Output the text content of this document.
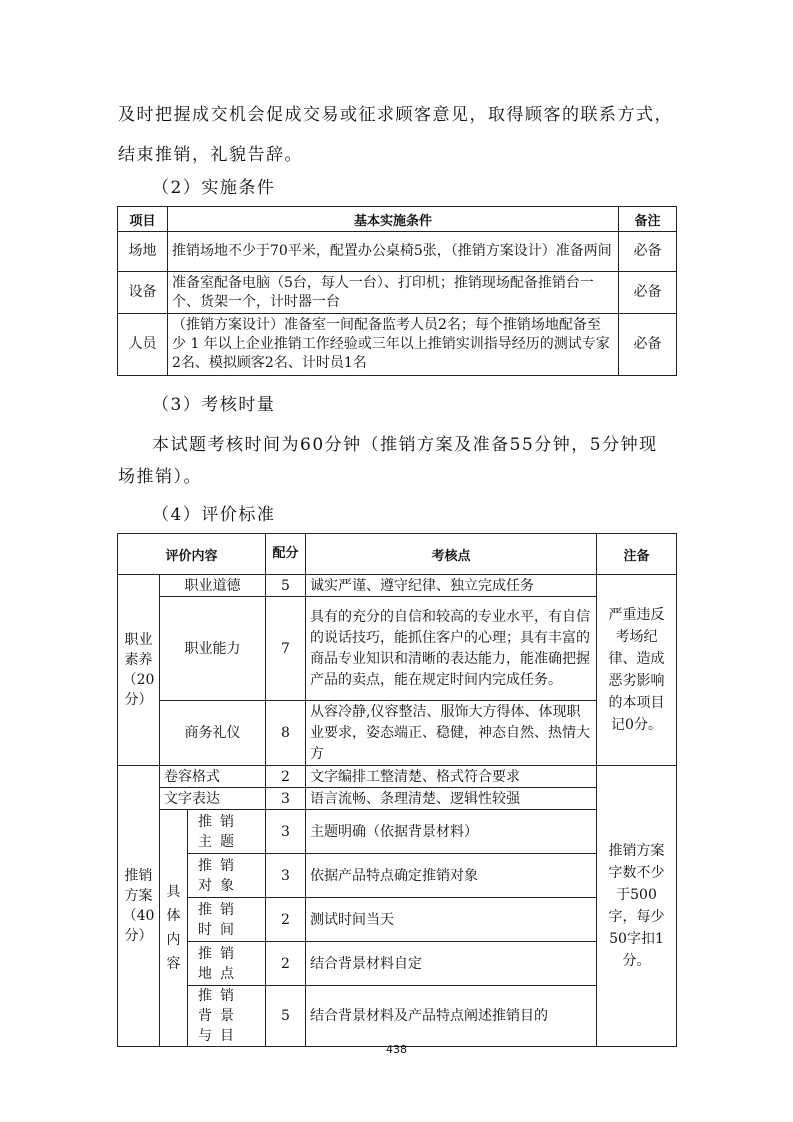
及时把握成交机会促成交易或征求顾客意见，取得顾客的联系方式，
结束推销，礼貌告辞。
（2）实施条件
项目	基本实施条件	备注
场地	推销场地不少于70平米，配置办公桌椅5张，（推销方案设计）准备两间	必备
设备	准备室配备电脑（5台，每人一台）、打印机；推销现场配备推销台一个、货架一个，计时器一台	必备
人员	（推销方案设计）准备室一间配备监考人员2名；每个推销场地配备至少 1 年以上企业推销工作经验或三年以上推销实训指导经历的测试专家2名、模拟顾客2名、计时员1名	必备
（3）考核时量
本试题考核时间为60分钟（推销方案及准备55分钟，5分钟现
场推销）。
（4）评价标准
评价内容			配分	考核点	注备
职业素养（20分）	职业道德		5	诚实严谨、遵守纪律、独立完成任务	严重违反考场纪律、造成恶劣影响的本项目记0分。
	职业能力		7	具有的充分的自信和较高的专业水平，有自信的说话技巧，能抓住客户的心理；具有丰富的商品专业知识和清晰的表达能力，能准确把握产品的卖点，能在规定时间内完成任务。	
	商务礼仪		8	从容冷静,仪容整洁、服饰大方得体、体现职业要求，姿态端正、稳健，神态自然、热情大方	
推销方案（40分）	卷容格式		2	文字编排工整清楚、格式符合要求	推销方案字数不少于500字，每少50字扣1分。
	文字表达		3	语言流畅、条理清楚、逻辑性较强	
	具体内容	推销主题	3	主题明确（依据背景材料）	
		推销对象	3	依据产品特点确定推销对象	
		推销时间	2	测试时间当天	
		推销地点	2	结合背景材料自定	
		推销背景与目	5	结合背景材料及产品特点阐述推销目的	
438
